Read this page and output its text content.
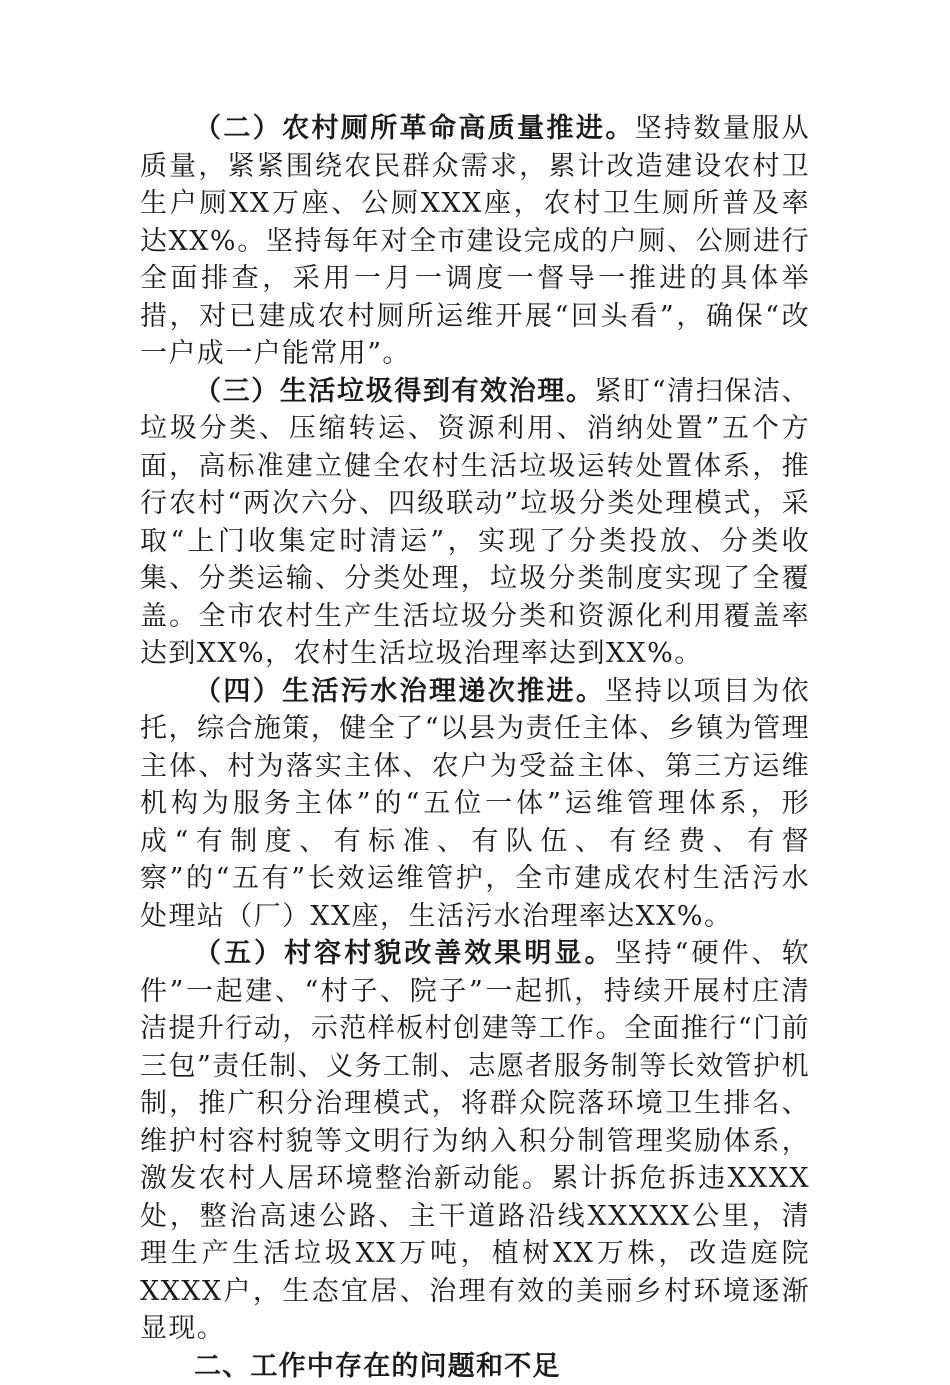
（二）农村厕所革命高质量推进。坚持数量服从质量，紧紧围绕农民群众需求，累计改造建设农村卫生户厕XX万座、公厕XXX座，农村卫生厕所普及率达XX%。坚持每年对全市建设完成的户厕、公厕进行全面排查，采用一月一调度一督导一推进的具体举措，对已建成农村厕所运维开展“回头看”，确保“改一户成一户能常用”。

（三）生活垃圾得到有效治理。紧盯“清扫保洁、垃圾分类、压缩转运、资源利用、消纳处置”五个方面，高标准建立健全农村生活垃圾运转处置体系，推行农村“两次六分、四级联动”垃圾分类处理模式，采取“上门收集定时清运”，实现了分类投放、分类收集、分类运输、分类处理，垃圾分类制度实现了全覆盖。全市农村生产生活垃圾分类和资源化利用覆盖率达到XX%，农村生活垃圾治理率达到XX%。

（四）生活污水治理递次推进。坚持以项目为依托，综合施策，健全了“以县为责任主体、乡镇为管理主体、村为落实主体、农户为受益主体、第三方运维机构为服务主体”的“五位一体”运维管理体系，形成“有制度、有标准、有队伍、有经费、有督察”的“五有”长效运维管护，全市建成农村生活污水处理站（厂）XX座，生活污水治理率达XX%。

（五）村容村貌改善效果明显。坚持“硬件、软件”一起建、“村子、院子”一起抓，持续开展村庄清洁提升行动，示范样板村创建等工作。全面推行“门前三包”责任制、义务工制、志愿者服务制等长效管护机制，推广积分治理模式，将群众院落环境卫生排名、维护村容村貌等文明行为纳入积分制管理奖励体系，激发农村人居环境整治新动能。累计拆危拆违XXXX处，整治高速公路、主干道路沿线XXXXX公里，清理生产生活垃圾XX万吨，植树XX万株，改造庭院XXXX户，生态宜居、治理有效的美丽乡村环境逐渐显现。

二、工作中存在的问题和不足
